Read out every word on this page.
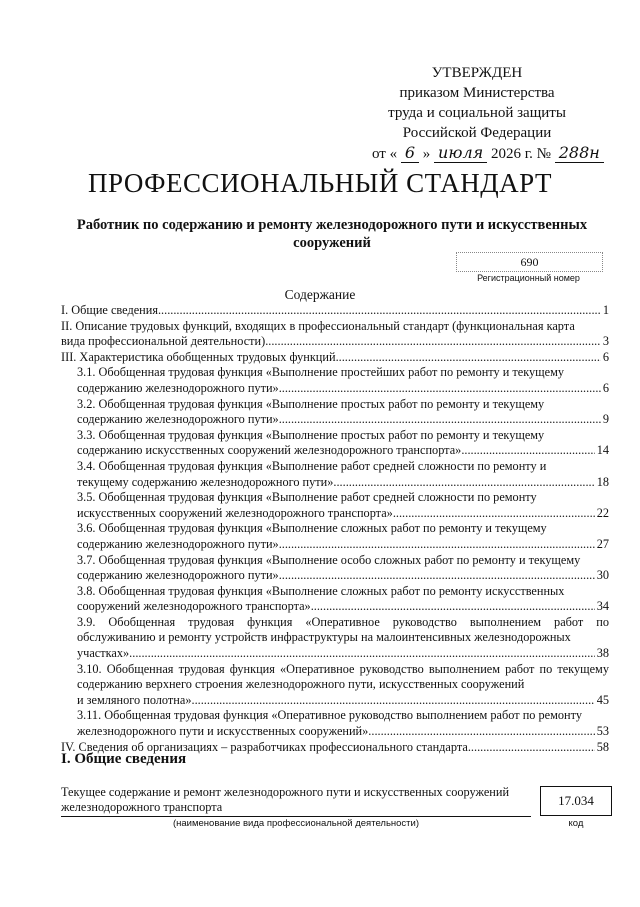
УТВЕРЖДЕН
приказом Министерства
труда и социальной защиты
Российской Федерации
от « 6 » июля 2026 г. № 288н
ПРОФЕССИОНАЛЬНЫЙ СТАНДАРТ
Работник по содержанию и ремонту железнодорожного пути и искусственных сооружений
690
Регистрационный номер
Содержание
I. Общие сведения .....	1
II. Описание трудовых функций, входящих в профессиональный стандарт (функциональная карта
вида профессиональной деятельности) .....	3
III. Характеристика обобщенных трудовых функций .....	6
3.1. Обобщенная трудовая функция «Выполнение простейших работ по ремонту и текущему
содержанию железнодорожного пути» .....	6
3.2. Обобщенная трудовая функция «Выполнение простых работ по ремонту и текущему
содержанию железнодорожного пути» .....	9
3.3. Обобщенная трудовая функция «Выполнение простых работ по ремонту и текущему
содержанию искусственных сооружений железнодорожного транспорта» .....	14
3.4. Обобщенная трудовая функция «Выполнение работ средней сложности по ремонту и
текущему содержанию железнодорожного пути» .....	18
3.5. Обобщенная трудовая функция «Выполнение работ средней сложности по ремонту
искусственных сооружений железнодорожного транспорта» .....	22
3.6. Обобщенная трудовая функция «Выполнение сложных работ по ремонту и текущему
содержанию железнодорожного пути» .....	27
3.7. Обобщенная трудовая функция «Выполнение особо сложных работ по ремонту и текущему
содержанию железнодорожного пути» .....	30
3.8. Обобщенная трудовая функция «Выполнение сложных работ по ремонту искусственных
сооружений железнодорожного транспорта» .....	34
3.9. Обобщенная трудовая функция «Оперативное руководство выполнением работ по обслуживанию и ремонту устройств инфраструктуры на малоинтенсивных железнодорожных
участках» .....	38
3.10. Обобщенная трудовая функция «Оперативное руководство выполнением работ по текущему содержанию верхнего строения железнодорожного пути, искусственных сооружений
и земляного полотна» .....	45
3.11. Обобщенная трудовая функция «Оперативное руководство выполнением работ по ремонту
железнодорожного пути и искусственных сооружений» .....	53
IV. Сведения об организациях – разработчиках профессионального стандарта .....	58
I. Общие сведения
Текущее содержание и ремонт железнодорожного пути и искусственных сооружений железнодорожного транспорта	17.034
(наименование вида профессиональной деятельности)	код
